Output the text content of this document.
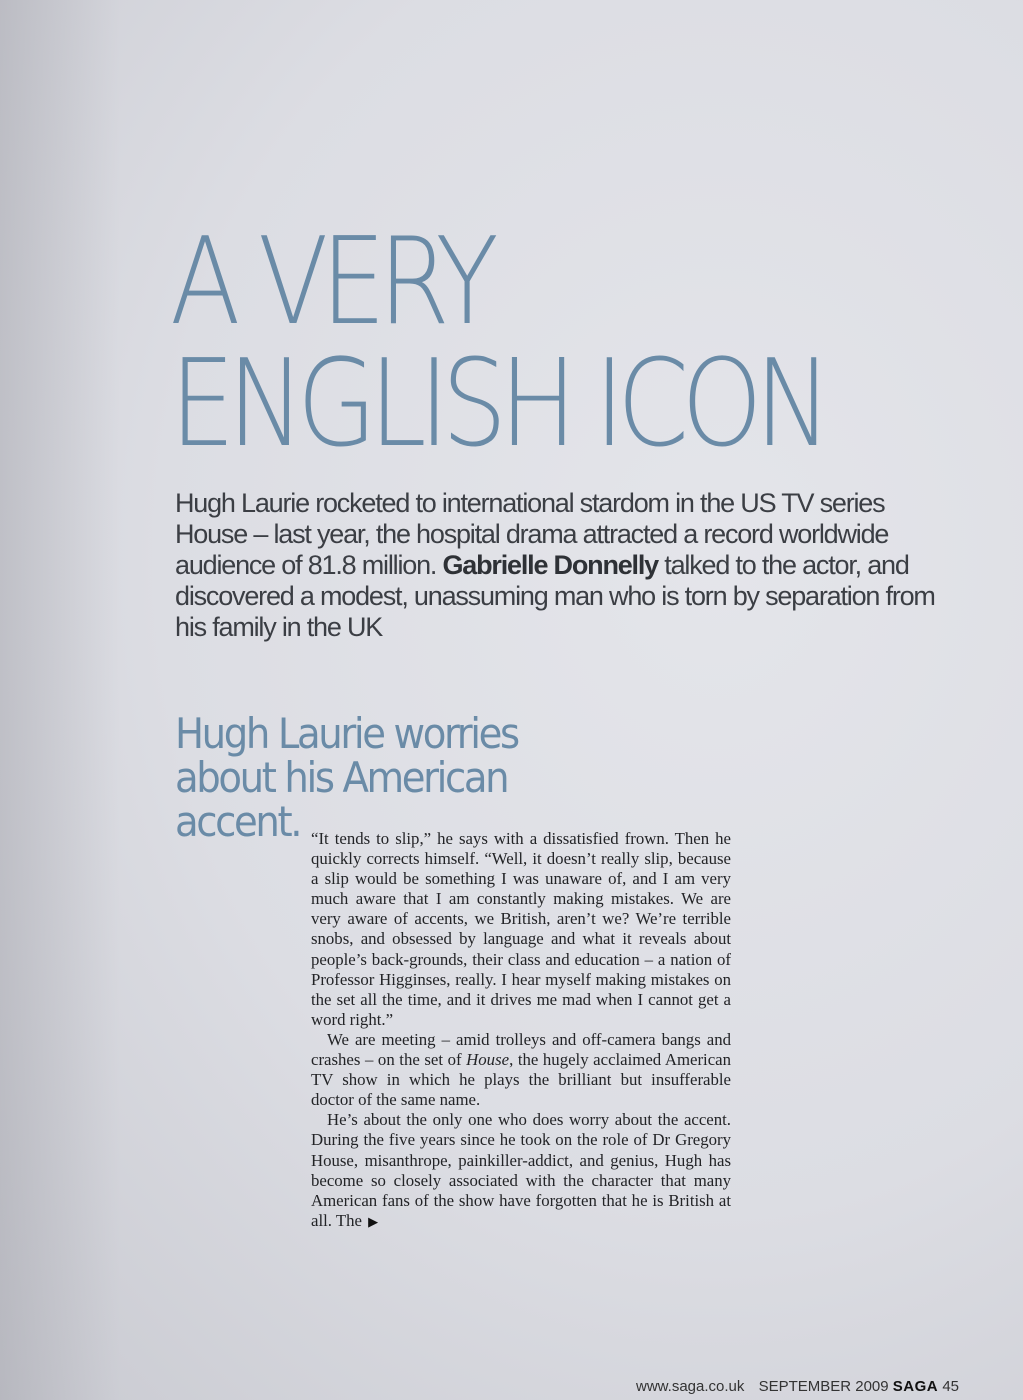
A VERY
ENGLISH ICON
Hugh Laurie rocketed to international stardom in the US TV series House – last year, the hospital drama attracted a record worldwide audience of 81.8 million. Gabrielle Donnelly talked to the actor, and discovered a modest, unassuming man who is torn by separation from his family in the UK
Hugh Laurie worries
about his American
accent. “It tends to slip,” he says with a dissatisfied frown. Then he quickly corrects himself. “Well, it doesn’t really slip, because a slip would be something I was unaware of, and I am very much aware that I am constantly making mistakes. We are very aware of accents, we British, aren’t we? We’re terrible snobs, and obsessed by language and what it reveals about people’s back-grounds, their class and education – a nation of Professor Higginses, really. I hear myself making mistakes on the set all the time, and it drives me mad when I cannot get a word right.”

We are meeting – amid trolleys and off-camera bangs and crashes – on the set of House, the hugely acclaimed American TV show in which he plays the brilliant but insufferable doctor of the same name.

He’s about the only one who does worry about the accent. During the five years since he took on the role of Dr Gregory House, misanthrope, painkiller-addict, and genius, Hugh has become so closely associated with the character that many American fans of the show have forgotten that he is British at all. The ▶

www.saga.co.uk SEPTEMBER 2009 SAGA 45
